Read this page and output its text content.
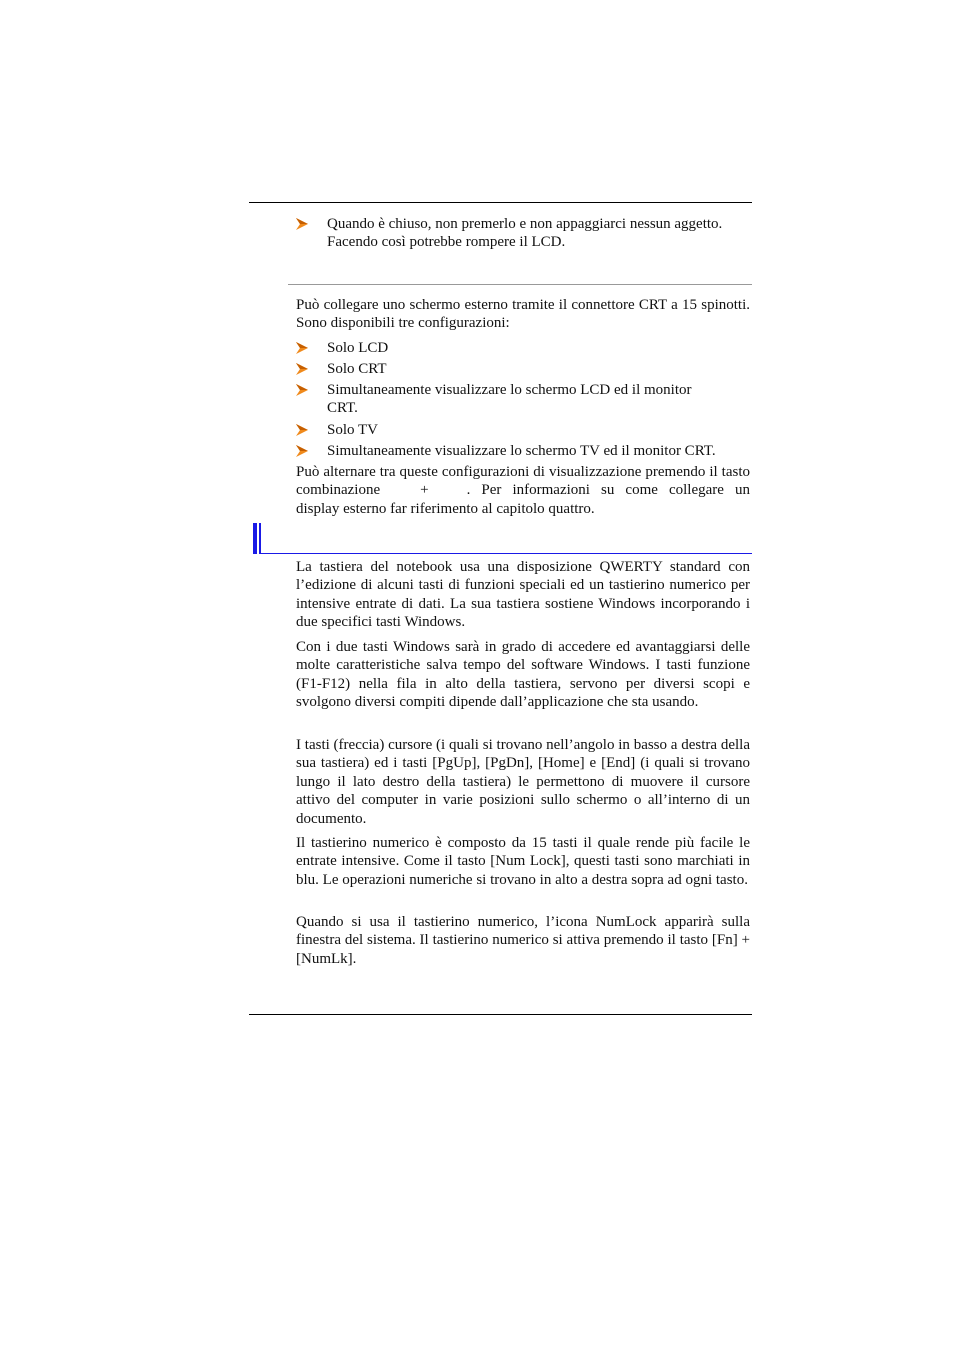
Quando è chiuso, non premerlo e non appaggiarci nessun aggetto. Facendo così potrebbe rompere il LCD.
Può collegare uno schermo esterno tramite il connettore CRT a 15 spinotti. Sono disponibili tre configurazioni:
Solo LCD
Solo CRT
Simultaneamente visualizzare lo schermo LCD ed il monitor CRT.
Solo TV
Simultaneamente visualizzare lo schermo TV ed il monitor CRT.
Può alternare tra queste configurazioni di visualizzazione premendo il tasto combinazione	+	. Per informazioni su come collegare un display esterno far riferimento al capitolo quattro.
La tastiera del notebook usa una disposizione QWERTY standard con l’edizione di alcuni tasti di funzioni speciali ed un tastierino numerico per intensive entrate di dati. La sua tastiera sostiene Windows incorporando i due specifici tasti Windows.
Con i due tasti Windows sarà in grado di accedere ed avantaggiarsi delle molte caratteristiche salva tempo del software Windows. I tasti funzione (F1-F12) nella fila in alto della tastiera, servono per diversi scopi e svolgono diversi compiti dipende dall’applicazione che sta usando.
I tasti (freccia) cursore (i quali si trovano nell’angolo in basso a destra della sua tastiera) ed i tasti [PgUp], [PgDn], [Home] e [End] (i quali si trovano lungo il lato destro della tastiera) le permettono di muovere il cursore attivo del computer in varie posizioni sullo schermo o all’interno di un documento.
Il tastierino numerico è composto da 15 tasti il quale rende più facile le entrate intensive. Come il tasto [Num Lock], questi tasti sono marchiati in blu. Le operazioni numeriche si trovano in alto a destra sopra ad ogni tasto.
Quando si usa il tastierino numerico, l’icona NumLock apparirà sulla finestra del sistema. Il tastierino numerico si attiva premendo il tasto [Fn] + [NumLk].
